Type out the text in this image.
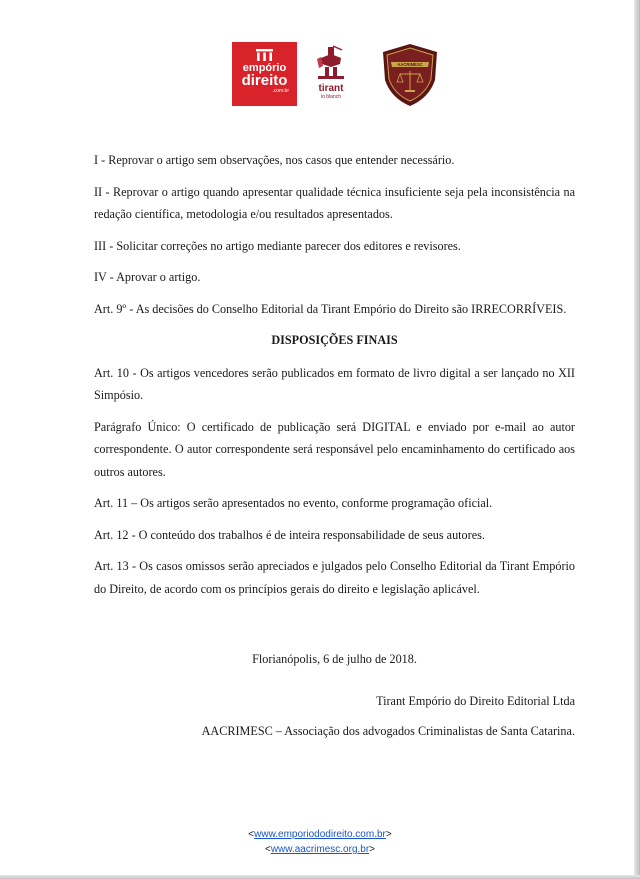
empório
direito
.com.br	tirant
lo blanch
AACRIMESC

I - Reprovar o artigo sem observações, nos casos que entender necessário.

II - Reprovar o artigo quando apresentar qualidade técnica insuficiente seja pela inconsistência na redação científica, metodologia e/ou resultados apresentados.

III - Solicitar correções no artigo mediante parecer dos editores e revisores.

IV - Aprovar o artigo.

Art. 9º - As decisões do Conselho Editorial da Tirant Empório do Direito são IRRECORRÍVEIS.

DISPOSIÇÕES FINAIS

Art. 10 - Os artigos vencedores serão publicados em formato de livro digital a ser lançado no XII Simpósio.

Parágrafo Único: O certificado de publicação será DIGITAL e enviado por e-mail ao autor correspondente. O autor correspondente será responsável pelo encaminhamento do certificado aos outros autores.

Art. 11 – Os artigos serão apresentados no evento, conforme programação oficial.

Art. 12 - O conteúdo dos trabalhos é de inteira responsabilidade de seus autores.

Art. 13 - Os casos omissos serão apreciados e julgados pelo Conselho Editorial da Tirant Empório do Direito, de acordo com os princípios gerais do direito e legislação aplicável.

Florianópolis, 6 de julho de 2018.

Tirant Empório do Direito Editorial Ltda

AACRIMESC – Associação dos advogados Criminalistas de Santa Catarina.

<www.emporiododireito.com.br>
<www.aacrimesc.org.br>
